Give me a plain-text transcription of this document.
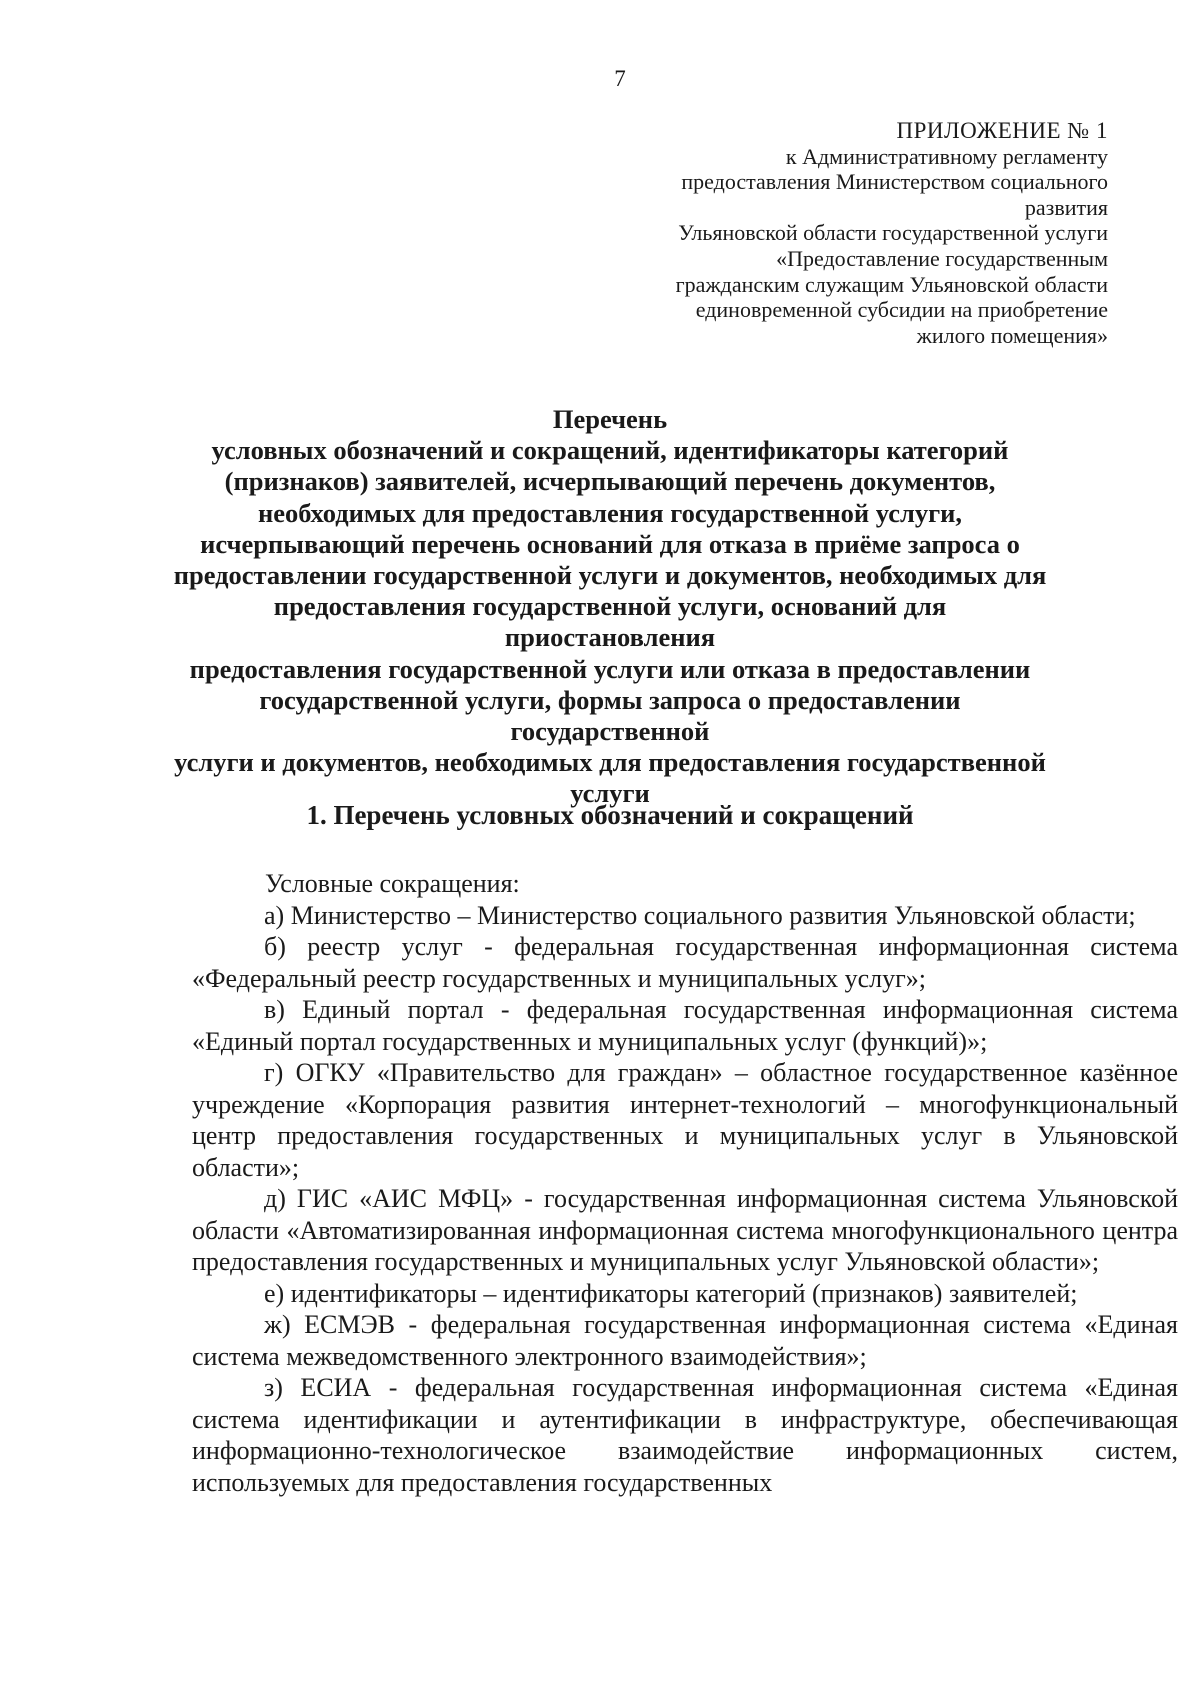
7
ПРИЛОЖЕНИЕ № 1
к Административному регламенту
предоставления Министерством социального
развития
Ульяновской области государственной услуги
«Предоставление государственным
гражданским служащим Ульяновской области
единовременной субсидии на приобретение
жилого помещения»
Перечень
условных обозначений и сокращений, идентификаторы категорий
(признаков) заявителей, исчерпывающий перечень документов,
необходимых для предоставления государственной услуги,
исчерпывающий перечень оснований для отказа в приёме запроса о
предоставлении государственной услуги и документов, необходимых для
предоставления государственной услуги, оснований для приостановления
предоставления государственной услуги или отказа в предоставлении
государственной услуги, формы запроса о предоставлении государственной
услуги и документов, необходимых для предоставления государственной
услуги
1. Перечень условных обозначений и сокращений

Условные сокращения:

а) Министерство – Министерство социального развития Ульяновской области;

б) реестр услуг - федеральная государственная информационная система «Федеральный реестр государственных и муниципальных услуг»;

в) Единый портал - федеральная государственная информационная система «Единый портал государственных и муниципальных услуг (функций)»;

г) ОГКУ «Правительство для граждан» – областное государственное казённое учреждение «Корпорация развития интернет-технологий – многофункциональный центр предоставления государственных и муниципальных услуг в Ульяновской области»;

д) ГИС «АИС МФЦ» - государственная информационная система Ульяновской области «Автоматизированная информационная система многофункционального центра предоставления государственных и муниципальных услуг Ульяновской области»;

е) идентификаторы – идентификаторы категорий (признаков) заявителей;

ж) ЕСМЭВ - федеральная государственная информационная система «Единая система межведомственного электронного взаимодействия»;

з) ЕСИА - федеральная государственная информационная система «Единая система идентификации и аутентификации в инфраструктуре, обеспечивающая информационно-технологическое взаимодействие информационных систем, используемых для предоставления государственных
